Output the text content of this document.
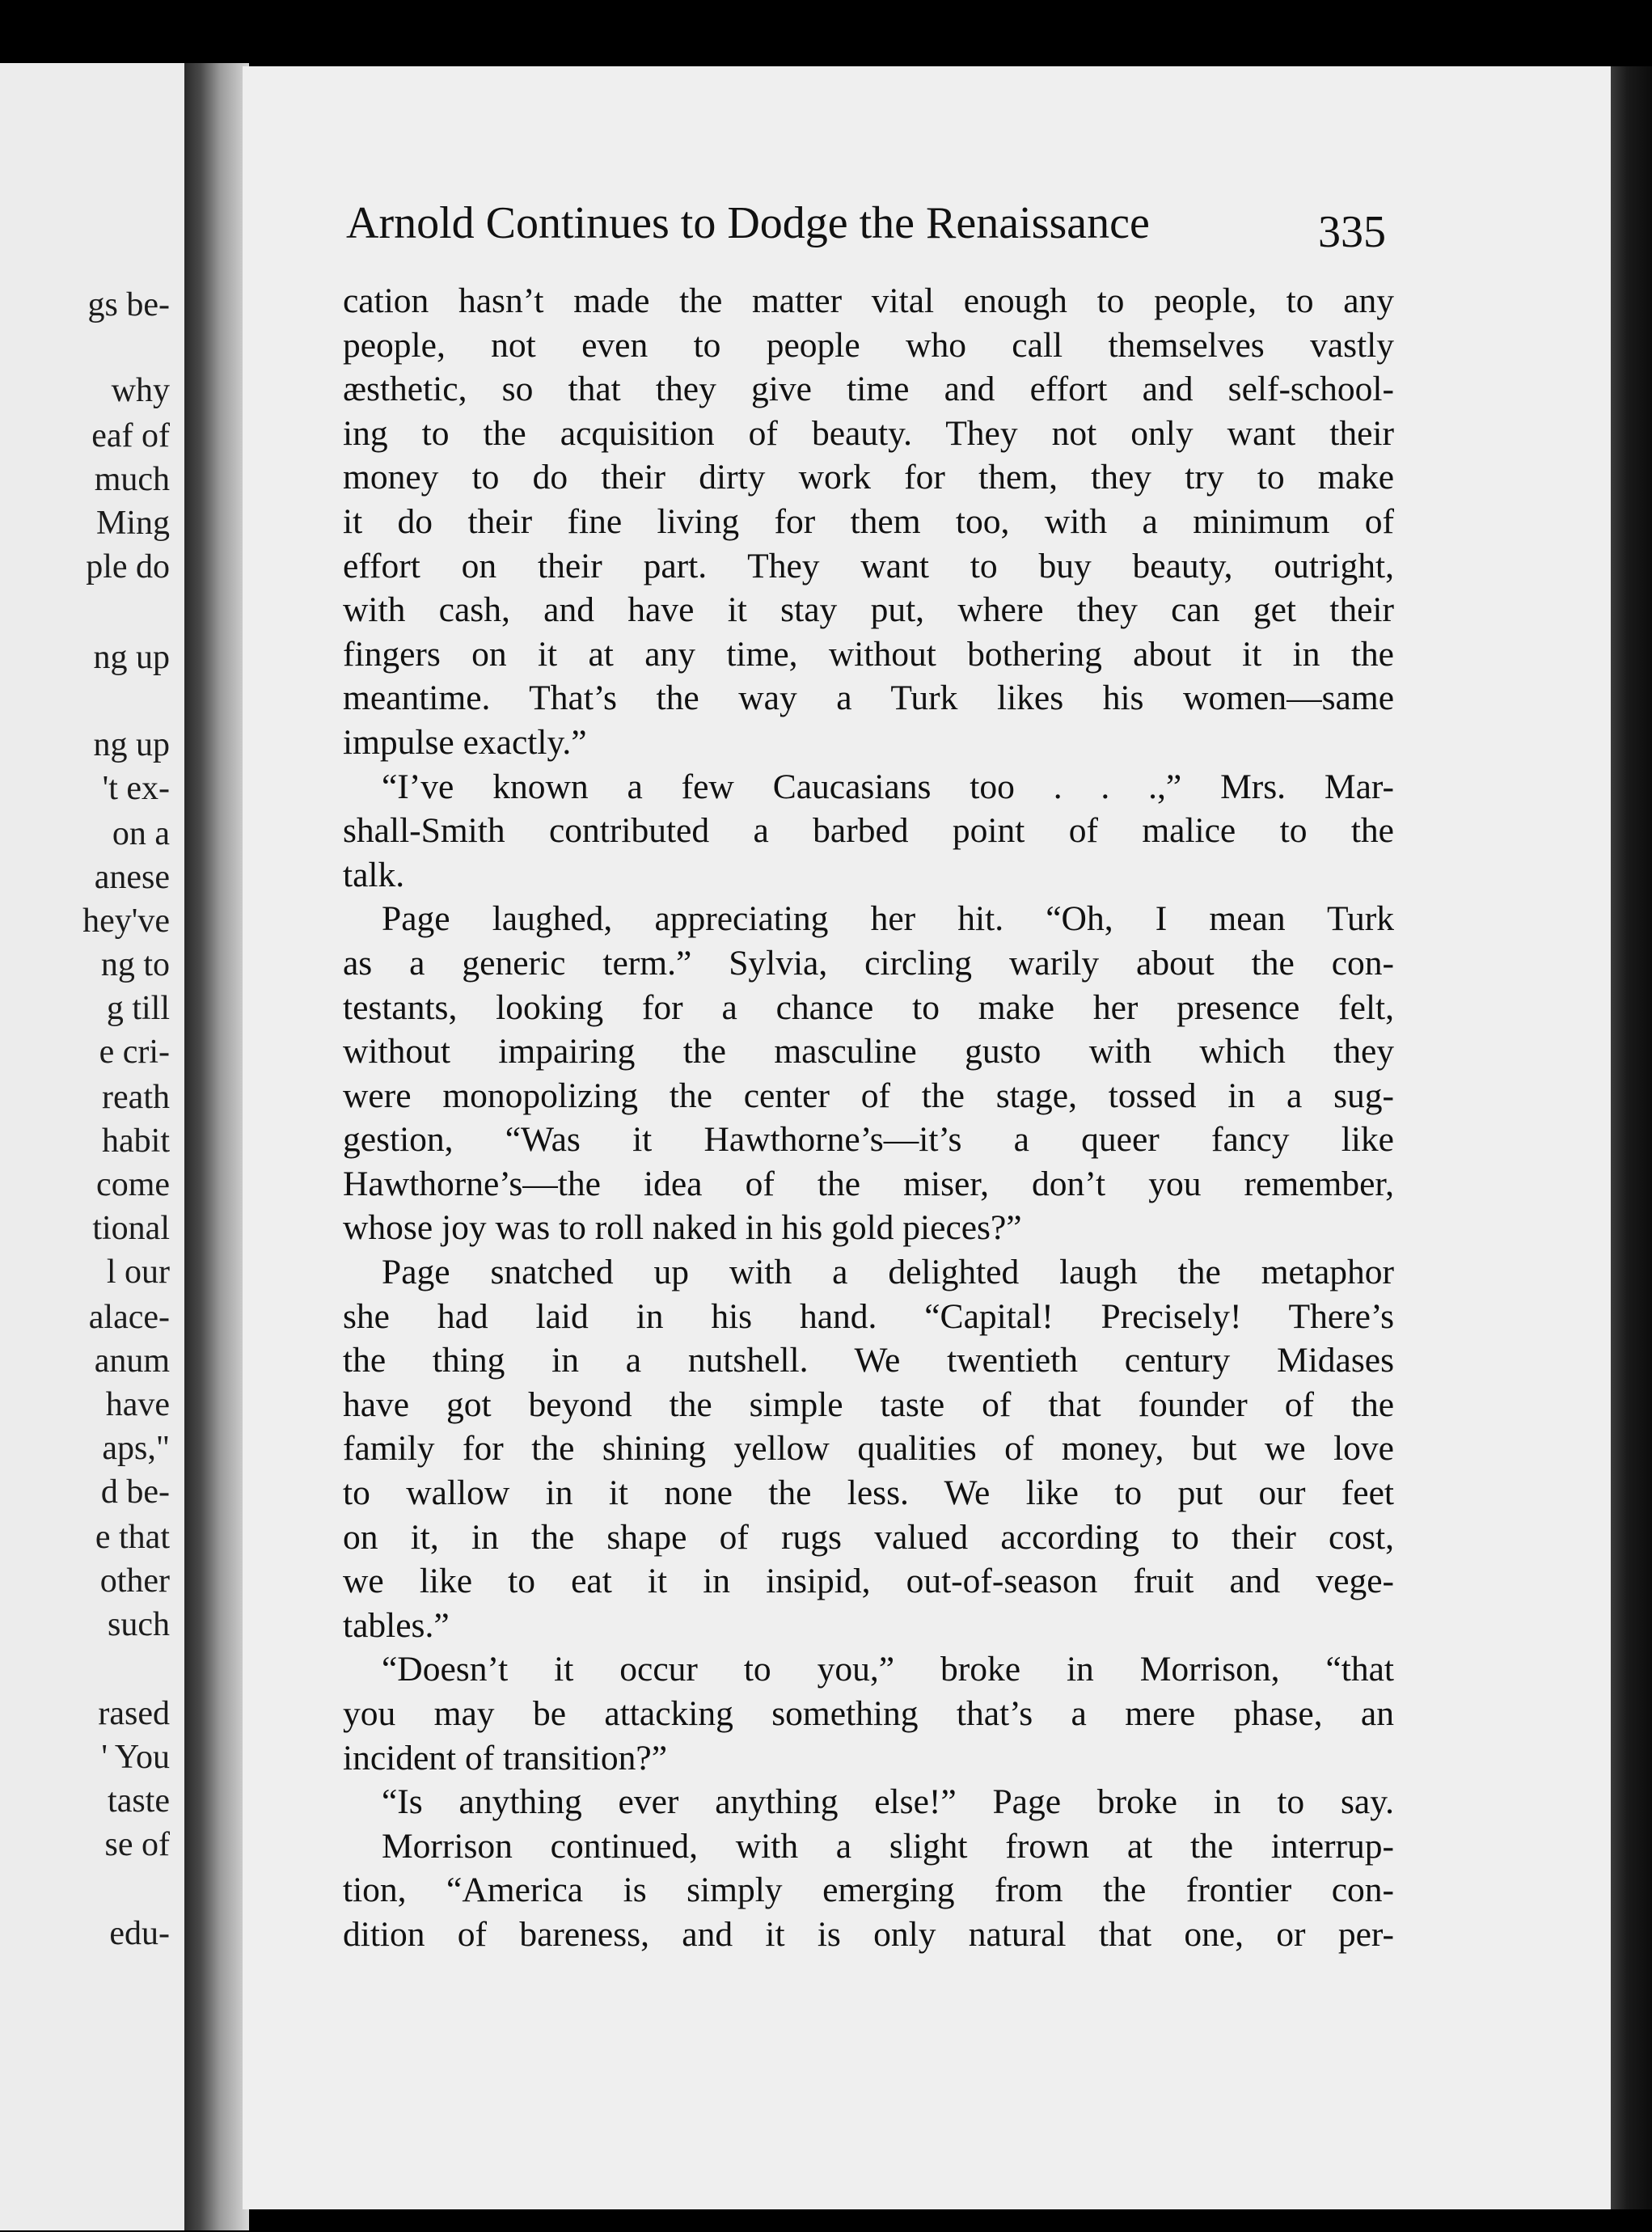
gs be-
why
eaf of
much
Ming
ple do
ng up
ng up
't ex-
on a
anese
hey've
ng to
g till
e cri-
reath
habit
come
tional
l our
alace-
anum
have
aps,"
d be-
e that
other
such
rased
' You
taste
se of
edu-
Arnold Continues to Dodge the Renaissance	335
cation hasn’t made the matter vital enough to people, to any
people, not even to people who call themselves vastly
æsthetic, so that they give time and effort and self-school-
ing to the acquisition of beauty. They not only want their
money to do their dirty work for them, they try to make
it do their fine living for them too, with a minimum of
effort on their part. They want to buy beauty, outright,
with cash, and have it stay put, where they can get their
fingers on it at any time, without bothering about it in the
meantime. That’s the way a Turk likes his women—same
impulse exactly.”
“I’ve known a few Caucasians too . . .,” Mrs. Mar-
shall-Smith contributed a barbed point of malice to the
talk.
Page laughed, appreciating her hit. “Oh, I mean Turk
as a generic term.” Sylvia, circling warily about the con-
testants, looking for a chance to make her presence felt,
without impairing the masculine gusto with which they
were monopolizing the center of the stage, tossed in a sug-
gestion, “Was it Hawthorne’s—it’s a queer fancy like
Hawthorne’s—the idea of the miser, don’t you remember,
whose joy was to roll naked in his gold pieces?”
Page snatched up with a delighted laugh the metaphor
she had laid in his hand. “Capital! Precisely! There’s
the thing in a nutshell. We twentieth century Midases
have got beyond the simple taste of that founder of the
family for the shining yellow qualities of money, but we love
to wallow in it none the less. We like to put our feet
on it, in the shape of rugs valued according to their cost,
we like to eat it in insipid, out-of-season fruit and vege-
tables.”
“Doesn’t it occur to you,” broke in Morrison, “that
you may be attacking something that’s a mere phase, an
incident of transition?”
“Is anything ever anything else!” Page broke in to say.
Morrison continued, with a slight frown at the interrup-
tion, “America is simply emerging from the frontier con-
dition of bareness, and it is only natural that one, or per-
